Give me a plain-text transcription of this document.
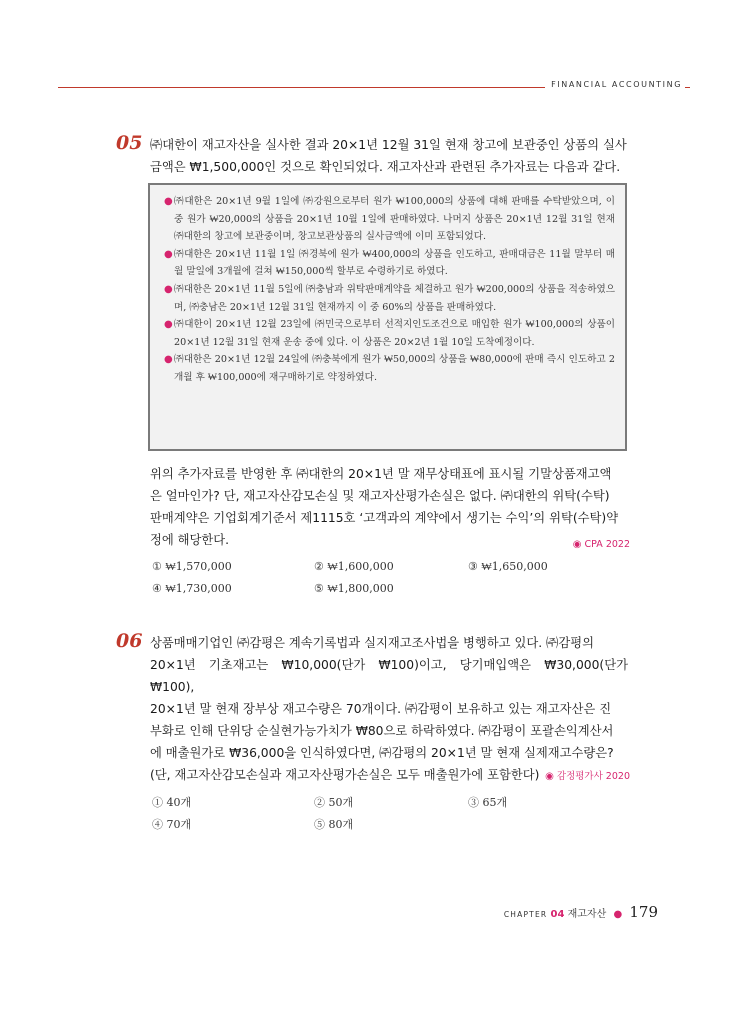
FINANCIAL ACCOUNTING
05 ㈜대한이 재고자산을 실사한 결과 20×1년 12월 31일 현재 창고에 보관중인 상품의 실사

금액은 ₩1,500,000인 것으로 확인되었다. 재고자산과 관련된 추가자료는 다음과 같다.

● ㈜대한은 20×1년 9월 1일에 ㈜강원으로부터 원가 ₩100,000의 상품에 대해 판매를 수탁받았으며, 이 중 원가 ₩20,000의 상품을 20×1년 10월 1일에 판매하였다. 나머지 상품은 20×1년 12월 31일 현재 ㈜대한의 창고에 보관중이며, 창고보관상품의 실사금액에 이미 포함되었다.
● ㈜대한은 20×1년 11월 1일 ㈜경북에 원가 ₩400,000의 상품을 인도하고, 판매대금은 11월 말부터 매월 말일에 3개월에 걸쳐 ₩150,000씩 할부로 수령하기로 하였다.
● ㈜대한은 20×1년 11월 5일에 ㈜충남과 위탁판매계약을 체결하고 원가 ₩200,000의 상품을 적송하였으며, ㈜충남은 20×1년 12월 31일 현재까지 이 중 60%의 상품을 판매하였다.
● ㈜대한이 20×1년 12월 23일에 ㈜민국으로부터 선적지인도조건으로 매입한 원가 ₩100,000의 상품이 20×1년 12월 31일 현재 운송 중에 있다. 이 상품은 20×2년 1월 10일 도착예정이다.
● ㈜대한은 20×1년 12월 24일에 ㈜충북에게 원가 ₩50,000의 상품을 ₩80,000에 판매 즉시 인도하고 2개월 후 ₩100,000에 재구매하기로 약정하였다.

위의 추가자료를 반영한 후 ㈜대한의 20×1년 말 재무상태표에 표시될 기말상품재고액

은 얼마인가? 단, 재고자산감모손실 및 재고자산평가손실은 없다. ㈜대한의 위탁(수탁)

판매계약은 기업회계기준서 제1115호 ‘고객과의 계약에서 생기는 수익’의 위탁(수탁)약

정에 해당한다.	◉ CPA 2022
① ₩1,570,000	② ₩1,600,000	③ ₩1,650,000
④ ₩1,730,000	⑤ ₩1,800,000
06 상품매매기업인 ㈜감평은 계속기록법과 실지재고조사법을 병행하고 있다. ㈜감평의

20×1년 기초재고는 ₩10,000(단가 ₩100)이고, 당기매입액은 ₩30,000(단가 ₩100),

20×1년 말 현재 장부상 재고수량은 70개이다. ㈜감평이 보유하고 있는 재고자산은 진

부화로 인해 단위당 순실현가능가치가 ₩80으로 하락하였다. ㈜감평이 포괄손익계산서

에 매출원가로 ₩36,000을 인식하였다면, ㈜감평의 20×1년 말 현재 실제재고수량은?

(단, 재고자산감모손실과 재고자산평가손실은 모두 매출원가에 포함한다) ◉ 감정평가사 2020
① 40개	② 50개	③ 65개
④ 70개	⑤ 80개
CHAPTER 04 재고자산 ● 179
